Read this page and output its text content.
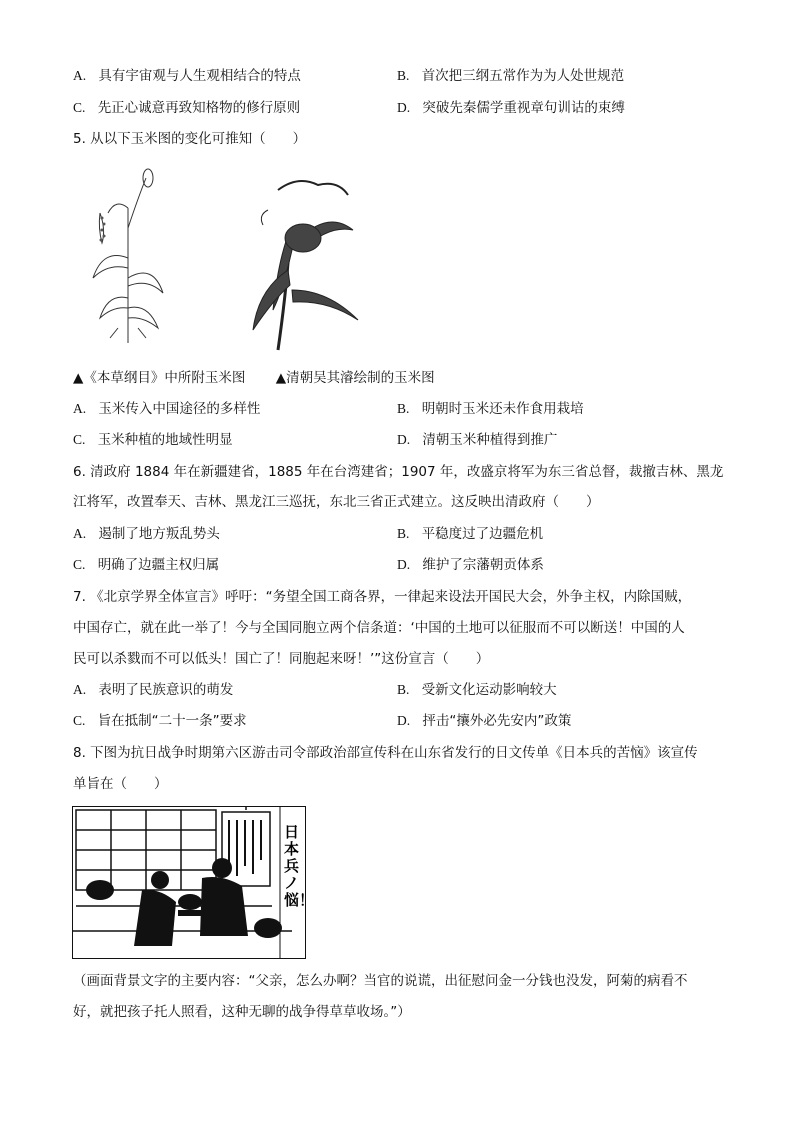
A. 具有宇宙观与人生观相结合的特点	B. 首次把三纲五常作为为人处世规范
C. 先正心诚意再致知格物的修行原则	D. 突破先秦儒学重视章句训诂的束缚
5. 从以下玉米图的变化可推知（　　）
▲《本草纲目》中所附玉米图 ▲清朝吴其濬绘制的玉米图
A. 玉米传入中国途径的多样性	B. 明朝时玉米还未作食用栽培
C. 玉米种植的地域性明显	D. 清朝玉米种植得到推广
6. 清政府 1884 年在新疆建省，1885 年在台湾建省；1907 年，改盛京将军为东三省总督，裁撤吉林、黑龙
江将军，改置奉天、吉林、黑龙江三巡抚，东北三省正式建立。这反映出清政府（　　）
A. 遏制了地方叛乱势头	B. 平稳度过了边疆危机
C. 明确了边疆主权归属	D. 维护了宗藩朝贡体系
7. 《北京学界全体宣言》呼吁：“务望全国工商各界，一律起来设法开国民大会，外争主权，内除国贼，
中国存亡，就在此一举了！今与全国同胞立两个信条道：‘中国的土地可以征服而不可以断送！中国的人
民可以杀戮而不可以低头！国亡了！同胞起来呀！’”这份宣言（　　）
A. 表明了民族意识的萌发	B. 受新文化运动影响较大
C. 旨在抵制“二十一条”要求	D. 抨击“攘外必先安内”政策
8. 下图为抗日战争时期第六区游击司令部政治部宣传科在山东省发行的日文传单《日本兵的苦恼》该宣传
单旨在（　　）
日本兵ノ悩！
（画面背景文字的主要内容：“父亲，怎么办啊？当官的说谎，出征慰问金一分钱也没发，阿菊的病看不
好，就把孩子托人照看，这种无聊的战争得草草收场。”）
